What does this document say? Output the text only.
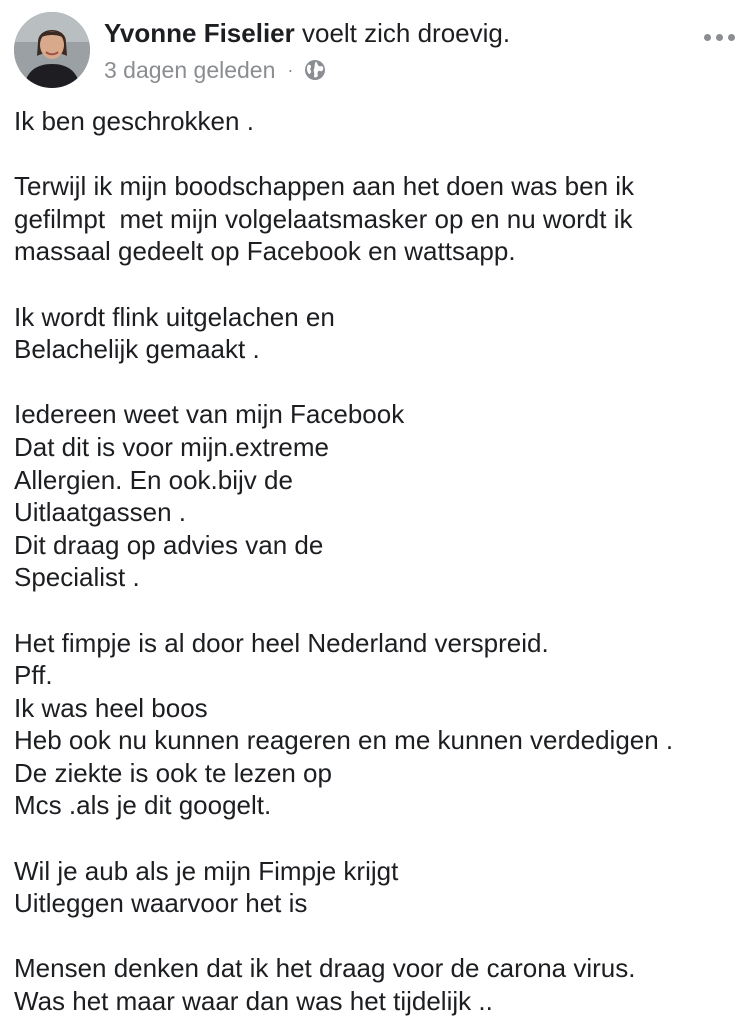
Yvonne Fiselier voelt zich droevig.
3 dagen geleden ·
Ik ben geschrokken .
Terwijl ik mijn boodschappen aan het doen was ben ik
gefilmpt  met mijn volgelaatsmasker op en nu wordt ik
massaal gedeelt op Facebook en wattsapp.
Ik wordt flink uitgelachen en
Belachelijk gemaakt .
Iedereen weet van mijn Facebook
Dat dit is voor mijn.extreme
Allergien. En ook.bijv de
Uitlaatgassen .
Dit draag op advies van de
Specialist .
Het fimpje is al door heel Nederland verspreid.
Pff.
Ik was heel boos
Heb ook nu kunnen reageren en me kunnen verdedigen .
De ziekte is ook te lezen op
Mcs .als je dit googelt.
Wil je aub als je mijn Fimpje krijgt
Uitleggen waarvoor het is
Mensen denken dat ik het draag voor de carona virus.
Was het maar waar dan was het tijdelijk ..
